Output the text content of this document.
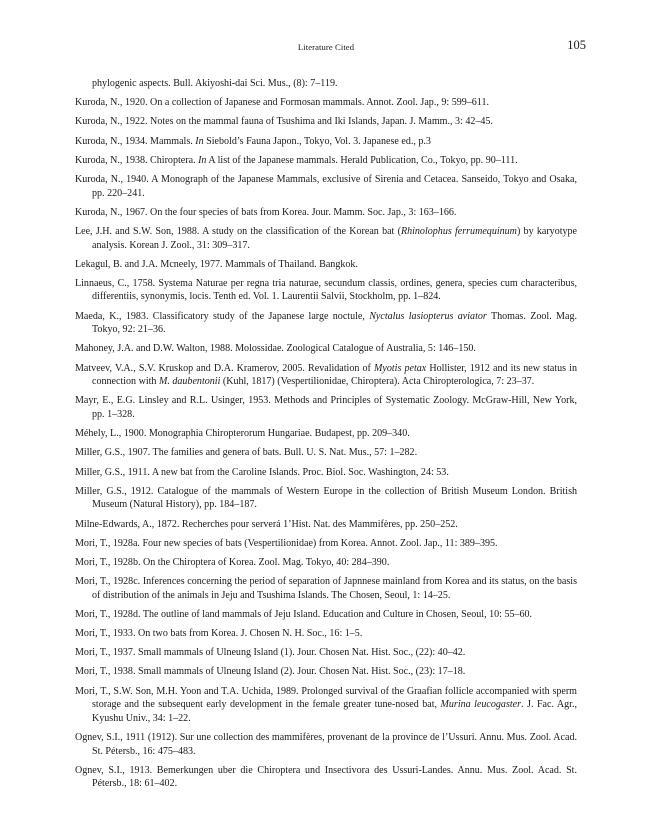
Literature Cited	105
phylogenic aspects. Bull. Akiyoshi-dai Sci. Mus., (8): 7–119.
Kuroda, N., 1920. On a collection of Japanese and Formosan mammals. Annot. Zool. Jap., 9: 599–611.
Kuroda, N., 1922. Notes on the mammal fauna of Tsushima and Iki Islands, Japan. J. Mamm., 3: 42–45.
Kuroda, N., 1934. Mammals. In Siebold’s Fauna Japon., Tokyo, Vol. 3. Japanese ed., p.3
Kuroda, N., 1938. Chiroptera. In A list of the Japanese mammals. Herald Publication, Co., Tokyo, pp. 90–111.
Kuroda, N., 1940. A Monograph of the Japanese Mammals, exclusive of Sirenia and Cetacea. Sanseido, Tokyo and Osaka, pp. 220–241.
Kuroda, N., 1967. On the four species of bats from Korea. Jour. Mamm. Soc. Jap., 3: 163–166.
Lee, J.H. and S.W. Son, 1988. A study on the classification of the Korean bat (Rhinolophus ferrumequinum) by karyotype analysis. Korean J. Zool., 31: 309–317.
Lekagul, B. and J.A. Mcneely, 1977. Mammals of Thailand. Bangkok.
Linnaeus, C., 1758. Systema Naturae per regna tria naturae, secundum classis, ordines, genera, species cum characteribus, differentiis, synonymis, locis. Tenth ed. Vol. 1. Laurentii Salvii, Stockholm, pp. 1–824.
Maeda, K., 1983. Classificatory study of the Japanese large noctule, Nyctalus lasiopterus aviator Thomas. Zool. Mag. Tokyo, 92: 21–36.
Mahoney, J.A. and D.W. Walton, 1988. Molossidae. Zoological Catalogue of Australia, 5: 146–150.
Matveev, V.A., S.V. Kruskop and D.A. Kramerov, 2005. Revalidation of Myotis petax Hollister, 1912 and its new status in connection with M. daubentonii (Kuhl, 1817) (Vespertilionidae, Chiroptera). Acta Chiropterologica, 7: 23–37.
Mayr, E., E.G. Linsley and R.L. Usinger, 1953. Methods and Principles of Systematic Zoology. McGraw-Hill, New York, pp. 1–328.
Méhely, L., 1900. Monographia Chiropterorum Hungariae. Budapest, pp. 209–340.
Miller, G.S., 1907. The families and genera of bats. Bull. U. S. Nat. Mus., 57: 1–282.
Miller, G.S., 1911. A new bat from the Caroline Islands. Proc. Biol. Soc. Washington, 24: 53.
Miller, G.S., 1912. Catalogue of the mammals of Western Europe in the collection of British Museum London. British Museum (Natural History), pp. 184–187.
Milne-Edwards, A., 1872. Recherches pour serverá 1’Hist. Nat. des Mammifères, pp. 250–252.
Mori, T., 1928a. Four new species of bats (Vespertilionidae) from Korea. Annot. Zool. Jap., 11: 389–395.
Mori, T., 1928b. On the Chiroptera of Korea. Zool. Mag. Tokyo, 40: 284–390.
Mori, T., 1928c. Inferences concerning the period of separation of Japnnese mainland from Korea and its status, on the basis of distribution of the animals in Jeju and Tsushima Islands. The Chosen, Seoul, 1: 14–25.
Mori, T., 1928d. The outline of land mammals of Jeju Island. Education and Culture in Chosen, Seoul, 10: 55–60.
Mori, T., 1933. On two bats from Korea. J. Chosen N. H. Soc., 16: 1–5.
Mori, T., 1937. Small mammals of Ulneung Island (1). Jour. Chosen Nat. Hist. Soc., (22): 40–42.
Mori, T., 1938. Small mammals of Ulneung Island (2). Jour. Chosen Nat. Hist. Soc., (23): 17–18.
Mori, T., S.W. Son, M.H. Yoon and T.A. Uchida, 1989. Prolonged survival of the Graafian follicle accompanied with sperm storage and the subsequent early development in the female greater tune-nosed bat, Murina leucogaster. J. Fac. Agr., Kyushu Univ., 34: 1–22.
Ognev, S.I., 1911 (1912). Sur une collection des mammifères, provenant de la province de l’Ussuri. Annu. Mus. Zool. Acad. St. Pétersb., 16: 475–483.
Ognev, S.I., 1913. Bemerkungen uber die Chiroptera und Insectivora des Ussuri-Landes. Annu. Mus. Zool. Acad. St. Pétersb., 18: 61–402.
